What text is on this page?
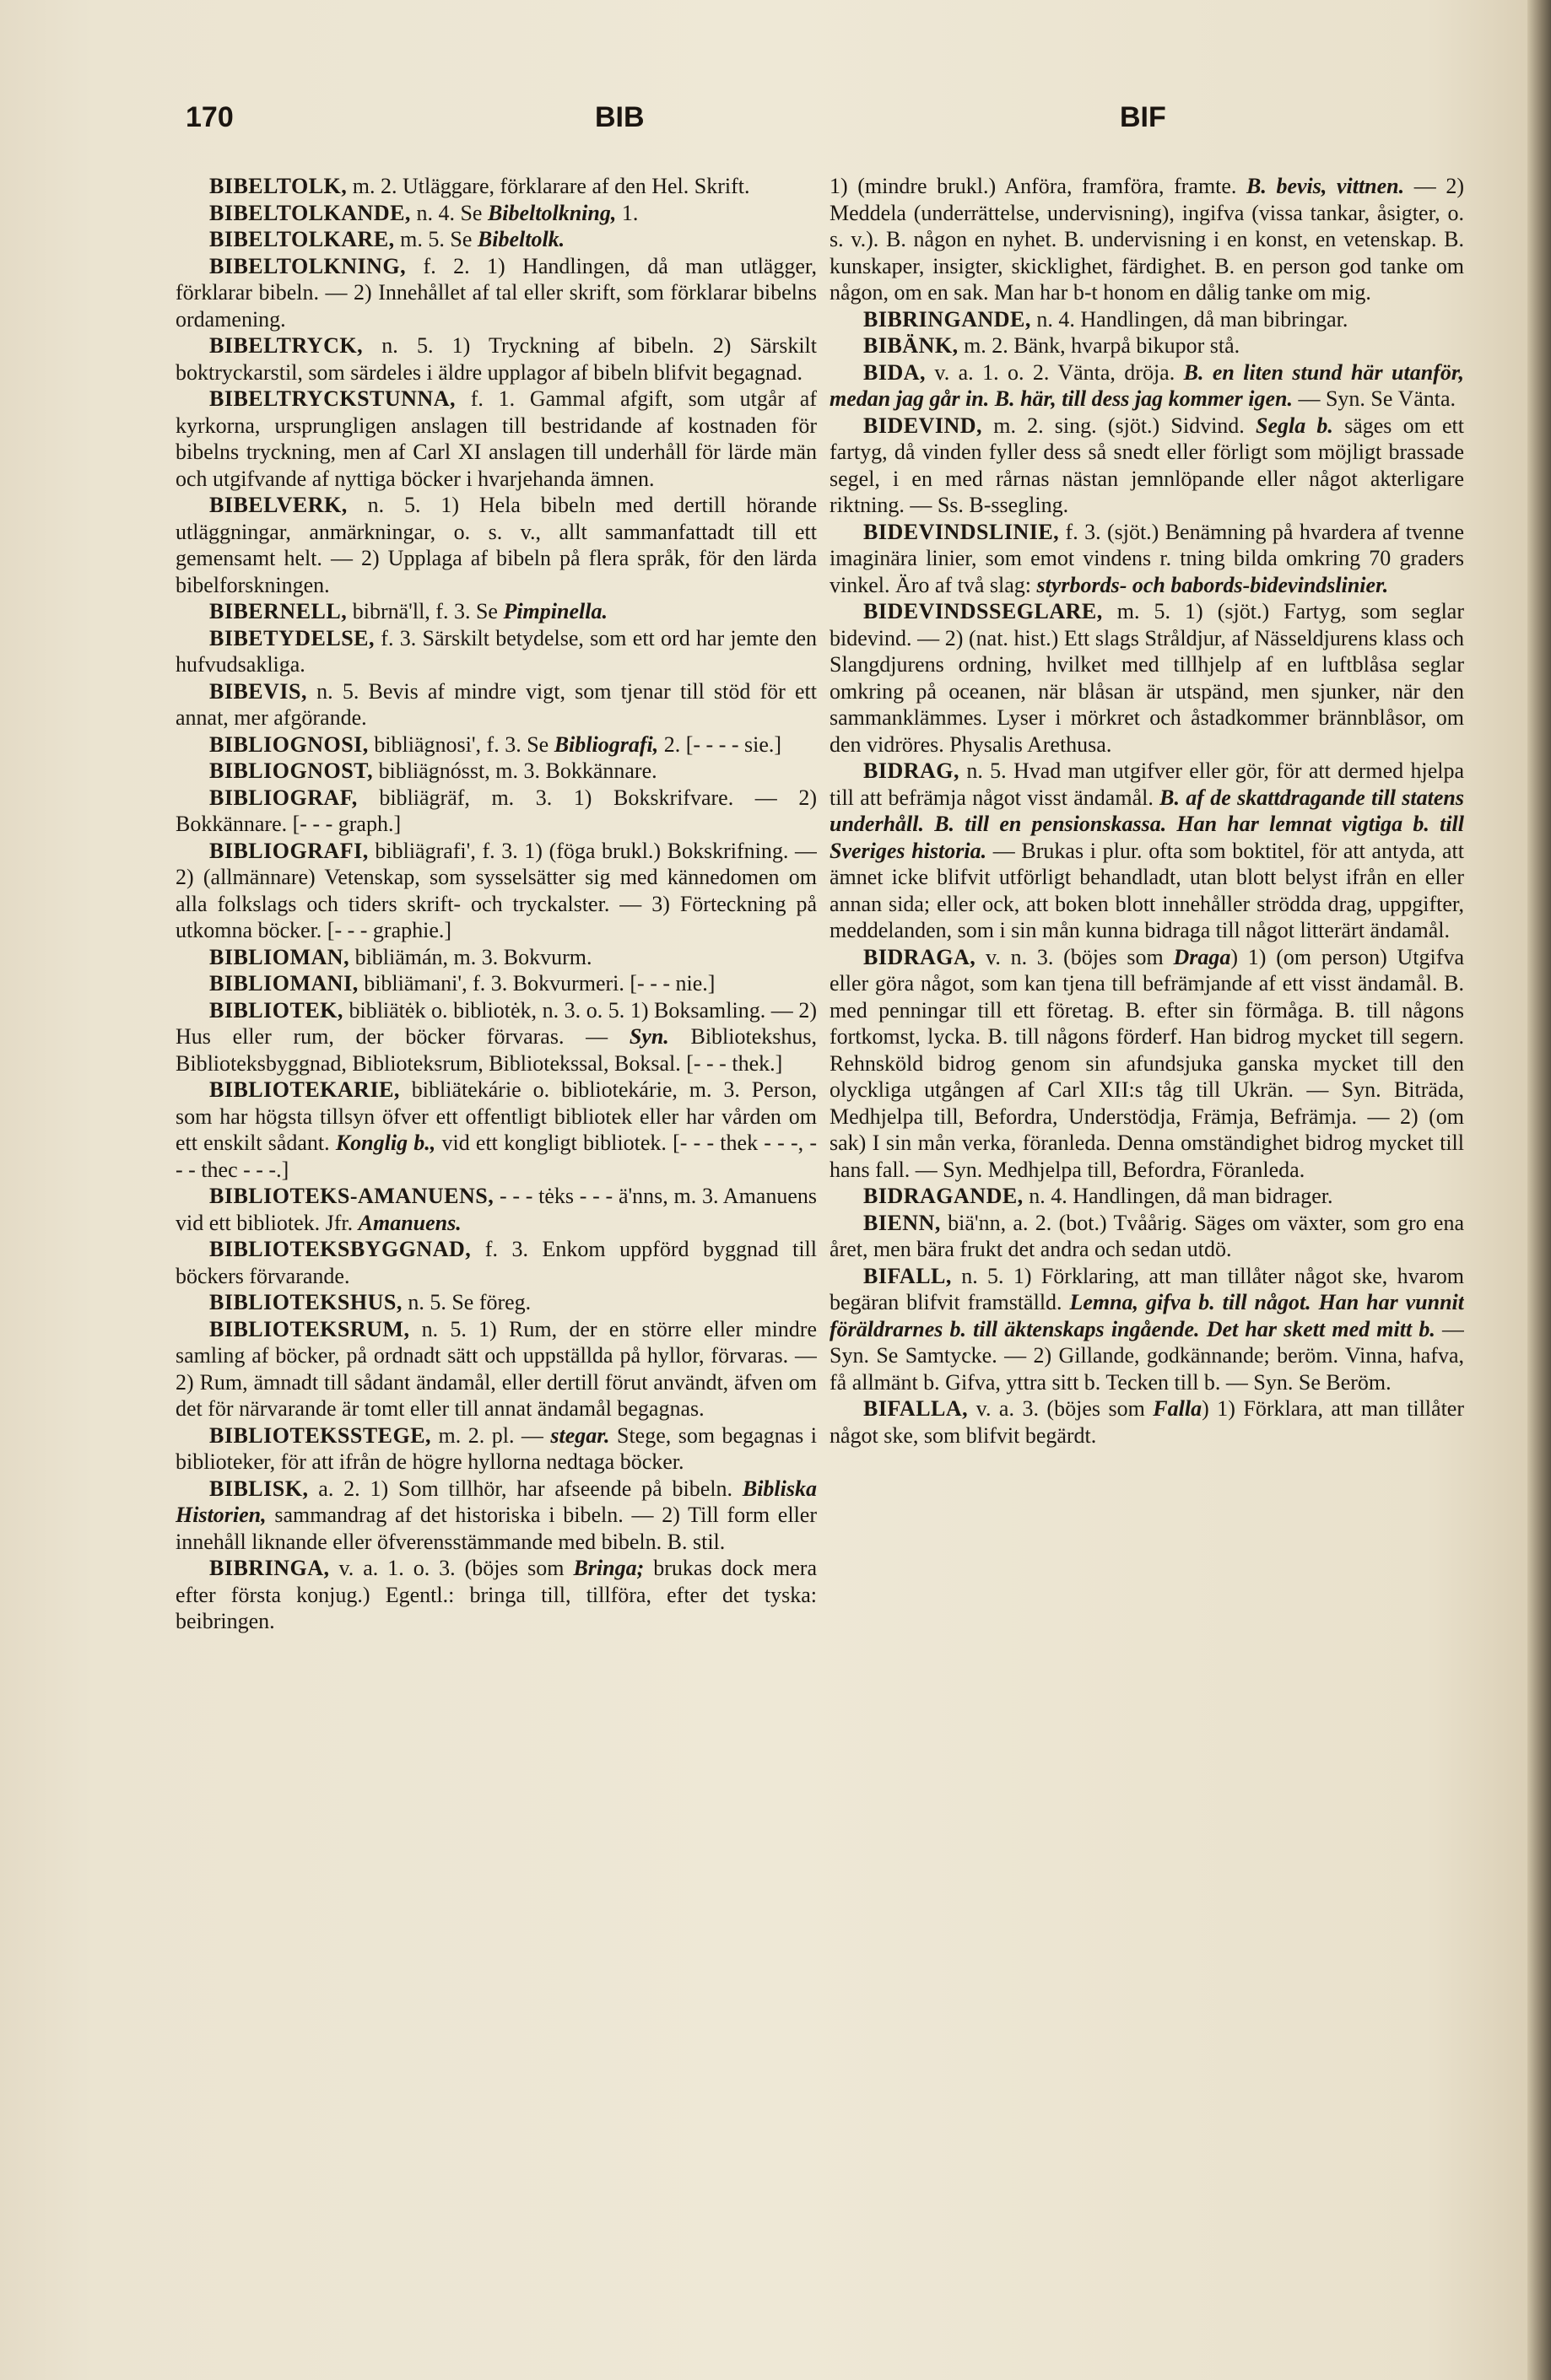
170	BIB	BIF

BIBELTOLK, m. 2. Utläggare, förklarare af den Hel. Skrift.

BIBELTOLKANDE, n. 4. Se Bibeltolkning, 1.

BIBELTOLKARE, m. 5. Se Bibeltolk.

BIBELTOLKNING, f. 2. 1) Handlingen, då man utlägger, förklarar bibeln. — 2) Innehållet af tal eller skrift, som förklarar bibelns ordamening.

BIBELTRYCK, n. 5. 1) Tryckning af bibeln. 2) Särskilt boktryckarstil, som särdeles i äldre upplagor af bibeln blifvit begagnad.

BIBELTRYCKSTUNNA, f. 1. Gammal afgift, som utgår af kyrkorna, ursprungligen anslagen till bestridande af kostnaden för bibelns tryckning, men af Carl XI anslagen till underhåll för lärde män och utgifvande af nyttiga böcker i hvarjehanda ämnen.

BIBELVERK, n. 5. 1) Hela bibeln med dertill hörande utläggningar, anmärkningar, o. s. v., allt sammanfattadt till ett gemensamt helt. — 2) Upplaga af bibeln på flera språk, för den lärda bibelforskningen.

BIBERNELL, bibrnä'll, f. 3. Se Pimpinella.

BIBETYDELSE, f. 3. Särskilt betydelse, som ett ord har jemte den hufvudsakliga.

BIBEVIS, n. 5. Bevis af mindre vigt, som tjenar till stöd för ett annat, mer afgörande.

BIBLIOGNOSI, bibliägnosi', f. 3. Se Bibliografi, 2. [- - - - sie.]

BIBLIOGNOST, bibliägnósst, m. 3. Bokkännare.

BIBLIOGRAF, bibliägräf, m. 3. 1) Bokskrifvare. — 2) Bokkännare. [- - - graph.]

BIBLIOGRAFI, bibliägrafi', f. 3. 1) (föga brukl.) Bokskrifning. — 2) (allmännare) Vetenskap, som sysselsätter sig med kännedomen om alla folkslags och tiders skrift- och tryckalster. — 3) Förteckning på utkomna böcker. [- - - graphie.]

BIBLIOMAN, bibliämán, m. 3. Bokvurm.

BIBLIOMANI, bibliämani', f. 3. Bokvurmeri. [- - - nie.]

BIBLIOTEK, bibliätėk o. bibliotėk, n. 3. o. 5. 1) Boksamling. — 2) Hus eller rum, der böcker förvaras. — Syn. Bibliotekshus, Biblioteksbyggnad, Biblioteksrum, Bibliotekssal, Boksal. [- - - thek.]

BIBLIOTEKARIE, bibliätekárie o. bibliotekárie, m. 3. Person, som har högsta tillsyn öfver ett offentligt bibliotek eller har vården om ett enskilt sådant. Konglig b., vid ett kongligt bibliotek. [- - - thek - - -, - - - thec - - -.]

BIBLIOTEKS-AMANUENS, - - - tėks - - - ä'nns, m. 3. Amanuens vid ett bibliotek. Jfr. Amanuens.

BIBLIOTEKSBYGGNAD, f. 3. Enkom uppförd byggnad till böckers förvarande.

BIBLIOTEKSHUS, n. 5. Se föreg.

BIBLIOTEKSRUM, n. 5. 1) Rum, der en större eller mindre samling af böcker, på ordnadt sätt och uppställda på hyllor, förvaras. — 2) Rum, ämnadt till sådant ändamål, eller dertill förut användt, äfven om det för närvarande är tomt eller till annat ändamål begagnas.

BIBLIOTEKSSTEGE, m. 2. pl. — stegar. Stege, som begagnas i biblioteker, för att ifrån de högre hyllorna nedtaga böcker.

BIBLISK, a. 2. 1) Som tillhör, har afseende på bibeln. Bibliska Historien, sammandrag af det historiska i bibeln. — 2) Till form eller innehåll liknande eller öfverensstämmande med bibeln. B. stil.

BIBRINGA, v. a. 1. o. 3. (böjes som Bringa; brukas dock mera efter första konjug.) Egentl.: bringa till, tillföra, efter det tyska: beibringen.

1) (mindre brukl.) Anföra, framföra, framte. B. bevis, vittnen. — 2) Meddela (underrättelse, undervisning), ingifva (vissa tankar, åsigter, o. s. v.). B. någon en nyhet. B. undervisning i en konst, en vetenskap. B. kunskaper, insigter, skicklighet, färdighet. B. en person god tanke om någon, om en sak. Man har b-t honom en dålig tanke om mig.

BIBRINGANDE, n. 4. Handlingen, då man bibringar.

BIBÄNK, m. 2. Bänk, hvarpå bikupor stå.

BIDA, v. a. 1. o. 2. Vänta, dröja. B. en liten stund här utanför, medan jag går in. B. här, till dess jag kommer igen. — Syn. Se Vänta.

BIDEVIND, m. 2. sing. (sjöt.) Sidvind. Segla b. säges om ett fartyg, då vinden fyller dess så snedt eller förligt som möjligt brassade segel, i en med rårnas nästan jemnlöpande eller något akterligare riktning. — Ss. B-ssegling.

BIDEVINDSLINIE, f. 3. (sjöt.) Benämning på hvardera af tvenne imaginära linier, som emot vindens r. tning bilda omkring 70 graders vinkel. Äro af två slag: styrbords- och babords-bidevindslinier.

BIDEVINDSSEGLARE, m. 5. 1) (sjöt.) Fartyg, som seglar bidevind. — 2) (nat. hist.) Ett slags Stråldjur, af Nässeldjurens klass och Slangdjurens ordning, hvilket med tillhjelp af en luftblåsa seglar omkring på oceanen, när blåsan är utspänd, men sjunker, när den sammanklämmes. Lyser i mörkret och åstadkommer brännblåsor, om den vidröres. Physalis Arethusa.

BIDRAG, n. 5. Hvad man utgifver eller gör, för att dermed hjelpa till att befrämja något visst ändamål. B. af de skattdragande till statens underhåll. B. till en pensionskassa. Han har lemnat vigtiga b. till Sveriges historia. — Brukas i plur. ofta som boktitel, för att antyda, att ämnet icke blifvit utförligt behandladt, utan blott belyst ifrån en eller annan sida; eller ock, att boken blott innehåller strödda drag, uppgifter, meddelanden, som i sin mån kunna bidraga till något litterärt ändamål.

BIDRAGA, v. n. 3. (böjes som Draga) 1) (om person) Utgifva eller göra något, som kan tjena till befrämjande af ett visst ändamål. B. med penningar till ett företag. B. efter sin förmåga. B. till någons fortkomst, lycka. B. till någons förderf. Han bidrog mycket till segern. Rehnsköld bidrog genom sin afundsjuka ganska mycket till den olyckliga utgången af Carl XII:s tåg till Ukrän. — Syn. Biträda, Medhjelpa till, Befordra, Understödja, Främja, Befrämja. — 2) (om sak) I sin mån verka, föranleda. Denna omständighet bidrog mycket till hans fall. — Syn. Medhjelpa till, Befordra, Föranleda.

BIDRAGANDE, n. 4. Handlingen, då man bidrager.

BIENN, biä'nn, a. 2. (bot.) Tvåårig. Säges om växter, som gro ena året, men bära frukt det andra och sedan utdö.

BIFALL, n. 5. 1) Förklaring, att man tillåter något ske, hvarom begäran blifvit framställd. Lemna, gifva b. till något. Han har vunnit föräldrarnes b. till äktenskaps ingående. Det har skett med mitt b. — Syn. Se Samtycke. — 2) Gillande, godkännande; beröm. Vinna, hafva, få allmänt b. Gifva, yttra sitt b. Tecken till b. — Syn. Se Beröm.

BIFALLA, v. a. 3. (böjes som Falla) 1) Förklara, att man tillåter något ske, som blifvit begärdt.
